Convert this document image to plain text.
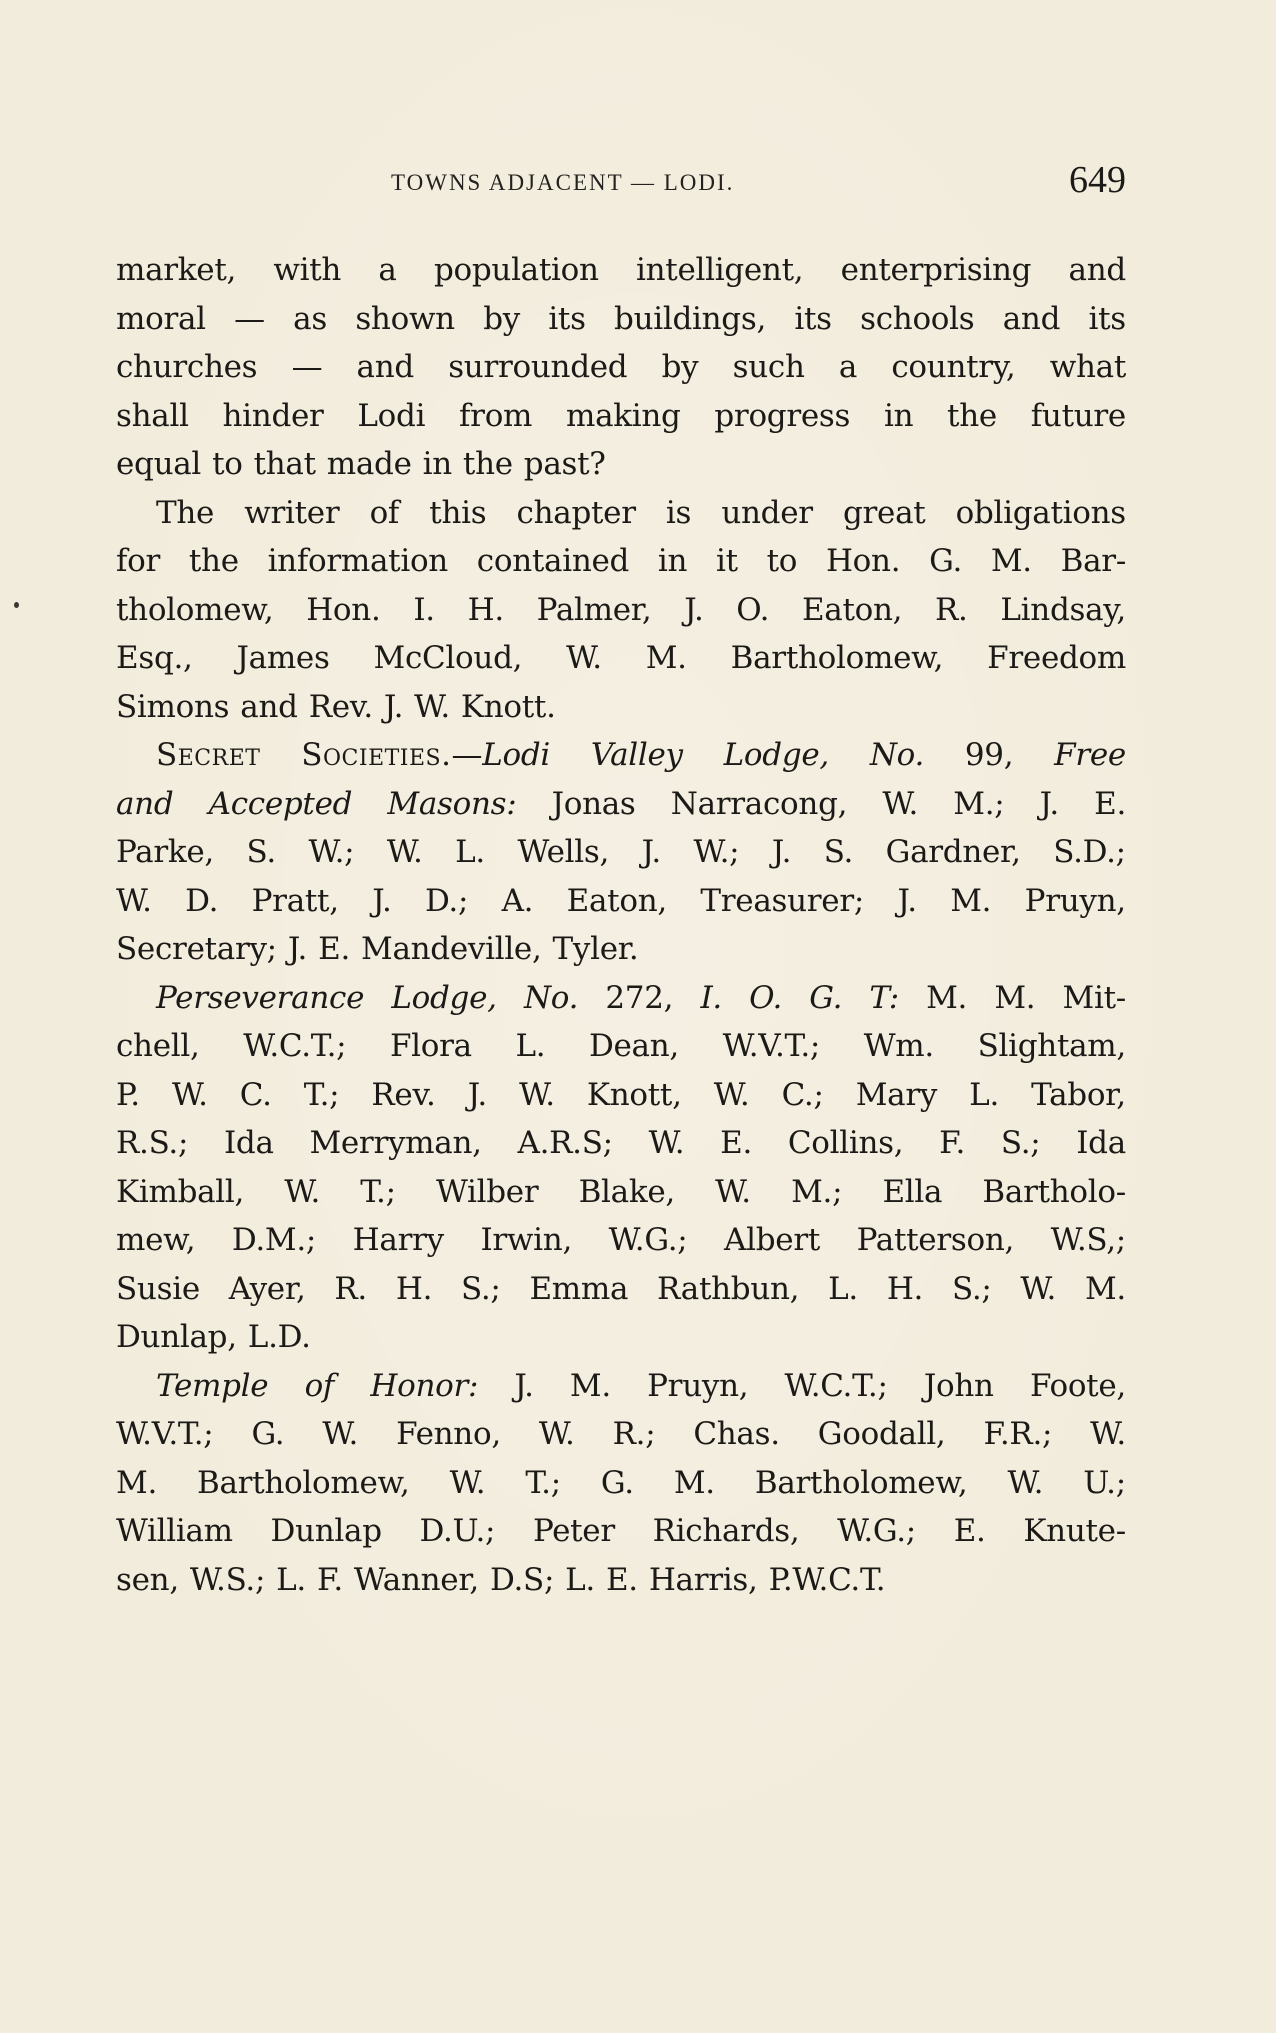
TOWNS ADJACENT — LODI.	649
market, with a population intelligent, enterprising and
moral — as shown by its buildings, its schools and its
churches — and surrounded by such a country, what
shall hinder Lodi from making progress in the future
equal to that made in the past?
The writer of this chapter is under great obligations
for the information contained in it to Hon. G. M. Bar-
tholomew, Hon. I. H. Palmer, J. O. Eaton, R. Lindsay,
Esq., James McCloud, W. M. Bartholomew, Freedom
Simons and Rev. J. W. Knott.
Secret Societies.—Lodi Valley Lodge, No. 99, Free
and Accepted Masons: Jonas Narracong, W. M.; J. E.
Parke, S. W.; W. L. Wells, J. W.; J. S. Gardner, S.D.;
W. D. Pratt, J. D.; A. Eaton, Treasurer; J. M. Pruyn,
Secretary; J. E. Mandeville, Tyler.
Perseverance Lodge, No. 272, I. O. G. T: M. M. Mit-
chell, W.C.T.; Flora L. Dean, W.V.T.; Wm. Slightam,
P. W. C. T.; Rev. J. W. Knott, W. C.; Mary L. Tabor,
R.S.; Ida Merryman, A.R.S; W. E. Collins, F. S.; Ida
Kimball, W. T.; Wilber Blake, W. M.; Ella Bartholo-
mew, D.M.; Harry Irwin, W.G.; Albert Patterson, W.S,;
Susie Ayer, R. H. S.; Emma Rathbun, L. H. S.; W. M.
Dunlap, L.D.
Temple of Honor: J. M. Pruyn, W.C.T.; John Foote,
W.V.T.; G. W. Fenno, W. R.; Chas. Goodall, F.R.; W.
M. Bartholomew, W. T.; G. M. Bartholomew, W. U.;
William Dunlap D.U.; Peter Richards, W.G.; E. Knute-
sen, W.S.; L. F. Wanner, D.S; L. E. Harris, P.W.C.T.
